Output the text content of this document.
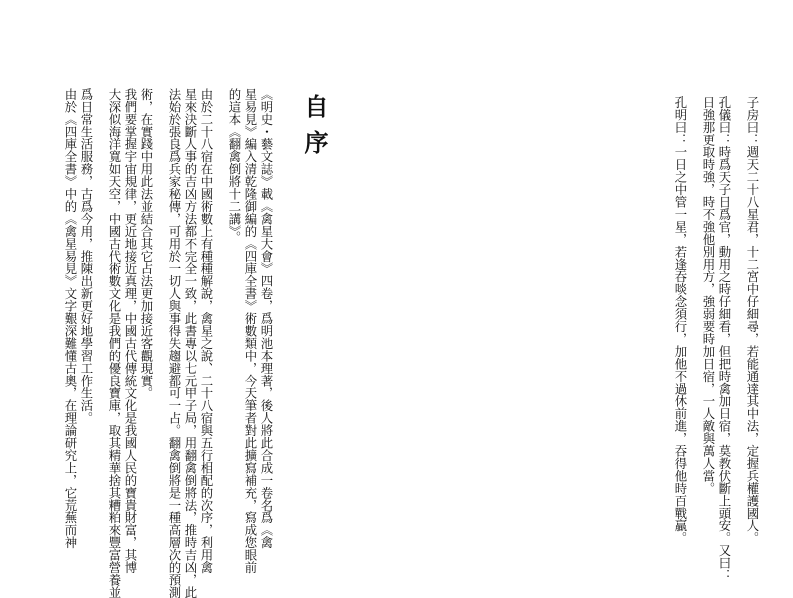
子房曰：週天二十八星君，十二宮中仔細尋，若能通達其中法，定握兵權護國人。
孔儀曰：時爲天子日爲官，動用之時仔細看，但把時禽加日宿，莫教伏斷上頭安。又曰：
日強那更取時強，時不強他別用方，強弱要時加日宿，一人敵與萬人當。
孔明曰：一日之中管一星，若逢吞啖念須行，加他不過休前進，吞得他時百戰贏。
自序
《明史・藝文誌》載《禽星大會》四卷，爲明池本理著，後人將此合成一卷名爲《禽
星易見》編入清乾隆御編的《四庫全書》術數類中，今天筆者對此擴寫補充，寫成您眼前
的這本《翻禽倒將十二講》。
由於二十八宿在中國術數上有種種解說，禽星之說、二十八宿與五行相配的次序，利用禽
星來決斷人事的吉凶方法都不完全一致，此書專以七元甲子局，用翻禽倒將法，推時吉凶，此
法始於張良爲兵家秘傳，可用於一切人與事得失趨避都可一占。翻禽倒將是一種高層次的預測
術，在實踐中用此法並結合其它占法更加接近客觀現實。
我們要掌握宇宙規律，更近地接近真理，中國古代傳統文化是我國人民的寶貴財富，其博
大深似海洋寬如天空，中國古代術數文化是我們的優良寶庫，取其精華捨其糟粕來豐富營養並
爲日常生活服務，古爲今用，推陳出新更好地學習工作生活。
由於《四庫全書》中的《禽星易見》文字艱深難懂古奧，在理論研究上，它荒蕪而神
